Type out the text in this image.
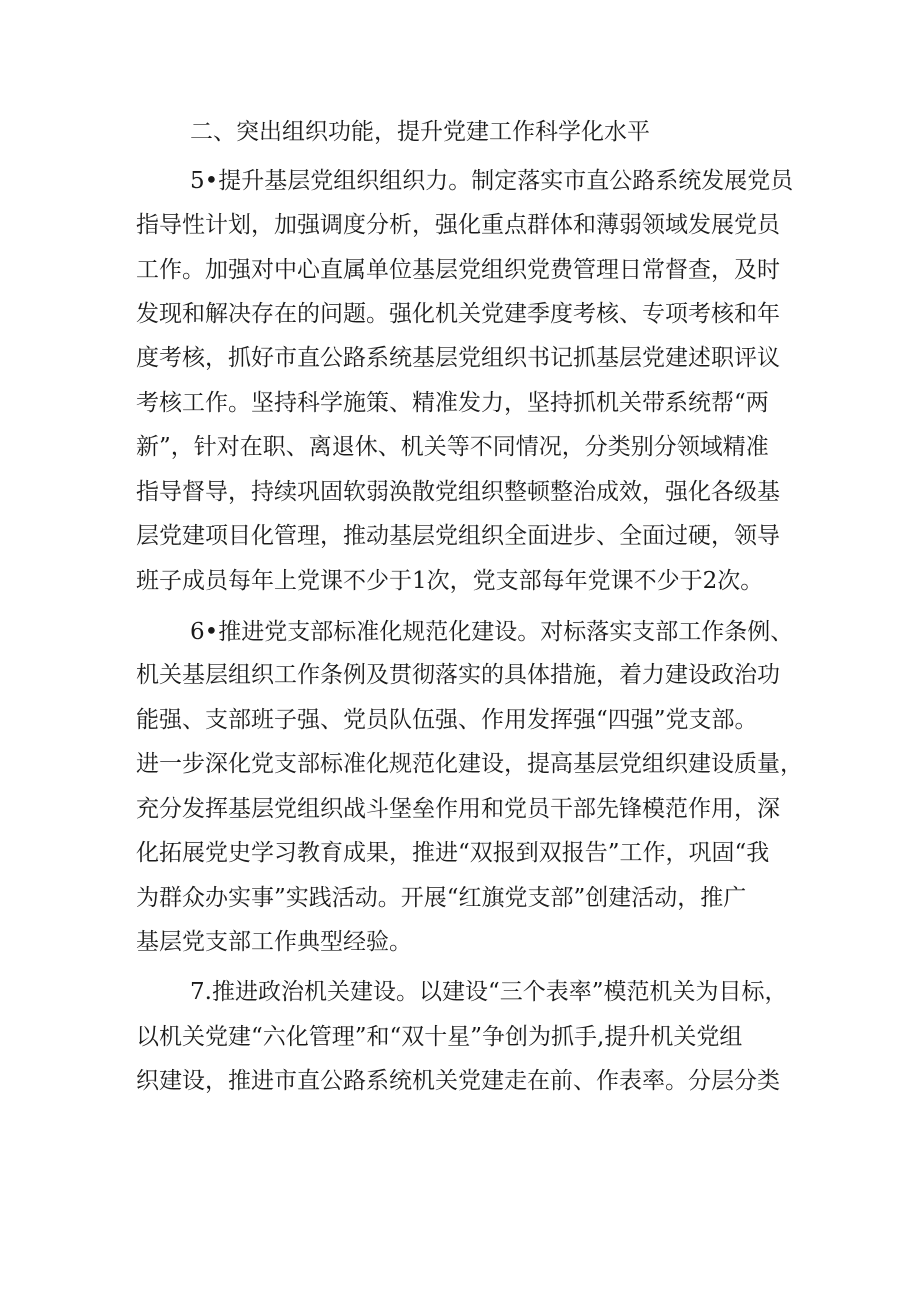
二、突出组织功能，提升党建工作科学化水平
5•提升基层党组织组织力。制定落实市直公路系统发展党员
指导性计划，加强调度分析，强化重点群体和薄弱领域发展党员
工作。加强对中心直属单位基层党组织党费管理日常督查，及时
发现和解决存在的问题。强化机关党建季度考核、专项考核和年
度考核，抓好市直公路系统基层党组织书记抓基层党建述职评议
考核工作。坚持科学施策、精准发力，坚持抓机关带系统帮“两
新”，针对在职、离退休、机关等不同情况，分类别分领域精准
指导督导，持续巩固软弱涣散党组织整顿整治成效，强化各级基
层党建项目化管理，推动基层党组织全面进步、全面过硬，领导
班子成员每年上党课不少于1次，党支部每年党课不少于2次。
6•推进党支部标准化规范化建设。对标落实支部工作条例、
机关基层组织工作条例及贯彻落实的具体措施，着力建设政治功
能强、支部班子强、党员队伍强、作用发挥强“四强”党支部。
进一步深化党支部标准化规范化建设，提高基层党组织建设质量，
充分发挥基层党组织战斗堡垒作用和党员干部先锋模范作用，深
化拓展党史学习教育成果，推进“双报到双报告”工作，巩固“我
为群众办实事”实践活动。开展“红旗党支部”创建活动，推广
基层党支部工作典型经验。
7.推进政治机关建设。以建设“三个表率”模范机关为目标，
以机关党建“六化管理”和“双十星”争创为抓手,提升机关党组
织建设，推进市直公路系统机关党建走在前、作表率。分层分类
